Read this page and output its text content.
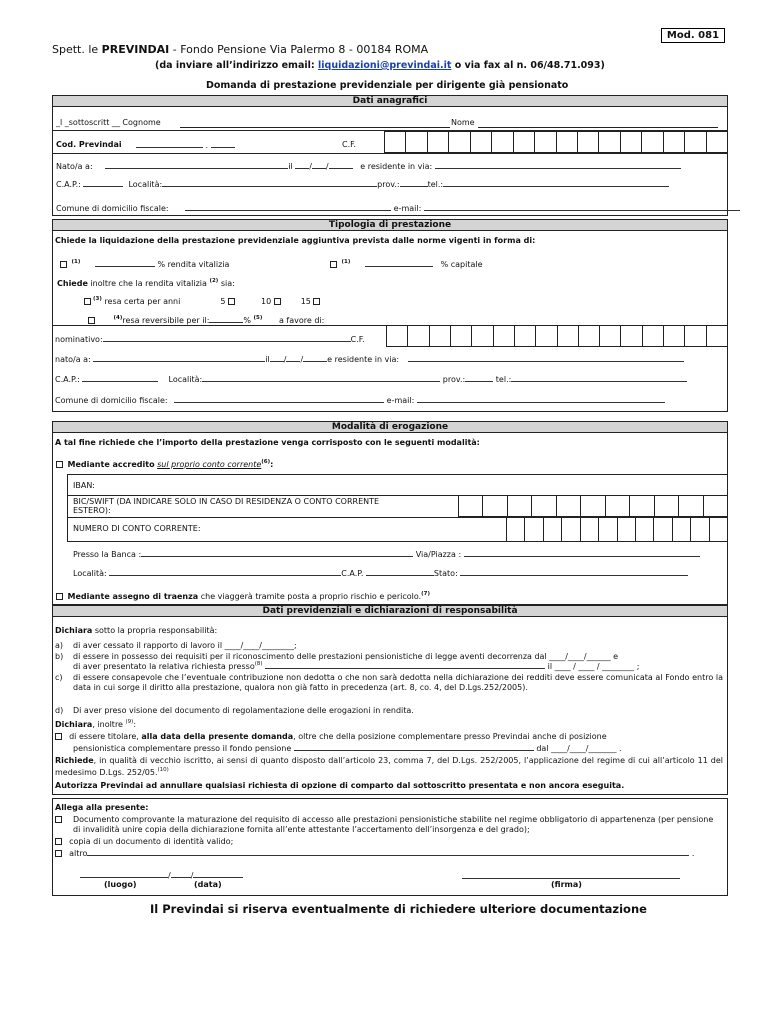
Mod. 081
Spett. le PREVINDAI - Fondo Pensione Via Palermo 8 - 00184 ROMA
(da inviare all’indirizzo email: liquidazioni@previndai.it o via fax al n. 06/48.71.093)
Domanda di prestazione previdenziale per dirigente già pensionato
Dati anagrafici
_l _sottoscritt __ Cognome	Nome
Cod. Previndai	.	C.F.
Nato/a a:	il / /	e residente in via:
C.A.P.:	Località:	prov.:	tel.:
Comune di domicilio fiscale:	e-mail:
Tipologia di prestazione
Chiede la liquidazione della prestazione previdenziale aggiuntiva prevista dalle norme vigenti in forma di:
$^{(1)}$	% rendita vitalizia	$^{(1)}$	% capitale
Chiede inoltre che la rendita vitalizia $^{(2)}$ sia:
$^{(3)}$ resa certa per anni	5	10	15
$^{(4)}$resa reversibile per il:	% $^{(5)}$ a favore di:
nominativo:	C.F.
nato/a a:	il / /	e residente in via:
C.A.P.:	Località:	prov.:	tel.:
Comune di domicilio fiscale:	e-mail:
Modalità di erogazione
A tal fine richiede che l’importo della prestazione venga corrisposto con le seguenti modalità:
Mediante accredito sul proprio conto corrente$^{(6)}$:
IBAN:
BIC/SWIFT (DA INDICARE SOLO IN CASO DI RESIDENZA O CONTO CORRENTE
ESTERO):
NUMERO DI CONTO CORRENTE:
Presso la Banca :	Via/Piazza :
Località:	C.A.P.	Stato:
Mediante assegno di traenza che viaggerà tramite posta a proprio rischio e pericolo.$^{(7)}$
Dati previdenziali e dichiarazioni di responsabilità
Dichiara sotto la propria responsabilità:
a) di aver cessato il rapporto di lavoro il ____/____/________;
b) di essere in possesso dei requisiti per il riconoscimento delle prestazioni pensionistiche di legge aventi decorrenza dal ____/____/______ e
di aver presentato la relativa richiesta presso$^{(8)}$	il ____ / ____ / ________ ;
c) di essere consapevole che l’eventuale contribuzione non dedotta o che non sarà dedotta nella dichiarazione dei redditi deve essere comunicata al Fondo entro la data in cui sorge il diritto alla prestazione, qualora non già fatto in precedenza (art. 8, co. 4, del D.Lgs.252/2005).
d) Di aver preso visione del documento di regolamentazione delle erogazioni in rendita.
Dichiara, inoltre $^{(9)}$:
di essere titolare, alla data della presente domanda, oltre che della posizione complementare presso Previndai anche di posizione
pensionistica complementare presso il fondo pensione	dal ____/____/_______ .
Richiede, in qualità di vecchio iscritto, ai sensi di quanto disposto dall’articolo 23, comma 7, del D.Lgs. 252/2005, l’applicazione del regime di cui all’articolo 11 del medesimo D.Lgs. 252/05.$^{(10)}$
Autorizza Previndai ad annullare qualsiasi richiesta di opzione di comparto dal sottoscritto presentata e non ancora eseguita.
Allega alla presente:
Documento comprovante la maturazione del requisito di accesso alle prestazioni pensionistiche stabilite nel regime obbligatorio di appartenenza (per pensione di invalidità unire copia della dichiarazione fornita all’ente attestante l’accertamento dell’insorgenza e del grado);
copia di un documento di identità valido;
altro	.
/	/
(luogo)	(data)	(firma)
Il Previndai si riserva eventualmente di richiedere ulteriore documentazione
